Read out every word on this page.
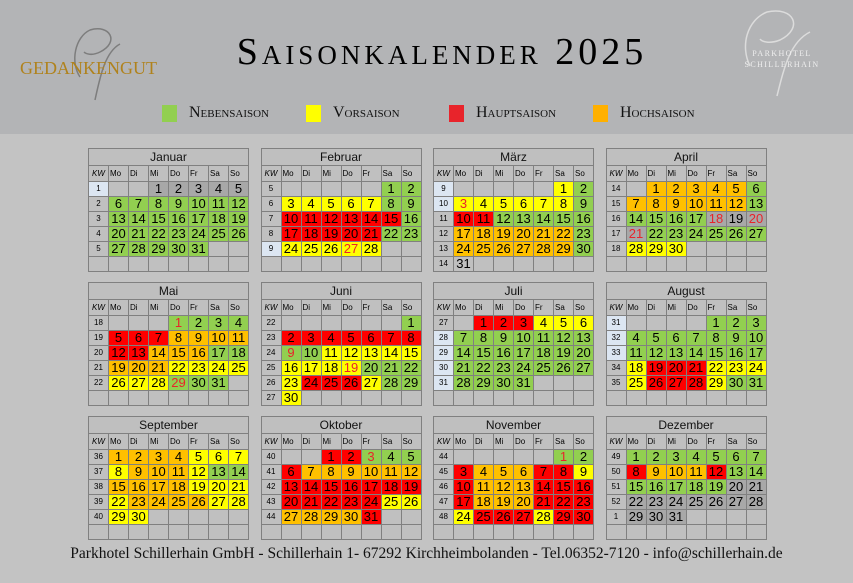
GEDANKENGUT	Saisonkalender 2025	PARKHOTEL
SCHILLERHAIN
Nebensaison	Vorsaison	Hauptsaison	Hochsaison
Januar
KW	Mo	Di	Mi	Do	Fr	Sa	So
1			1	2	3	4	5
2	6	7	8	9	10	11	12
3	13	14	15	16	17	18	19
4	20	21	22	23	24	25	26
5	27	28	29	30	31		

Februar
KW	Mo	Di	Mi	Do	Fr	Sa	So
5						1	2
6	3	4	5	6	7	8	9
7	10	11	12	13	14	15	16
8	17	18	19	20	21	22	23
9	24	25	26	27	28		

März
KW	Mo	Di	Mi	Do	Fr	Sa	So
9						1	2
10	3	4	5	6	7	8	9
11	10	11	12	13	14	15	16
12	17	18	19	20	21	22	23
13	24	25	26	27	28	29	30
14	31						
April
KW	Mo	Di	Mi	Do	Fr	Sa	So
14		1	2	3	4	5	6
15	7	8	9	10	11	12	13
16	14	15	16	17	18	19	20
17	21	22	23	24	25	26	27
18	28	29	30				

Mai
KW	Mo	Di	Mi	Do	Fr	Sa	So
18				1	2	3	4
19	5	6	7	8	9	10	11
20	12	13	14	15	16	17	18
21	19	20	21	22	23	24	25
22	26	27	28	29	30	31	

Juni
KW	Mo	Di	Mi	Do	Fr	Sa	So
22							1
23	2	3	4	5	6	7	8
24	9	10	11	12	13	14	15
25	16	17	18	19	20	21	22
26	23	24	25	26	27	28	29
27	30						
Juli
KW	Mo	Di	Mi	Do	Fr	Sa	So
27		1	2	3	4	5	6
28	7	8	9	10	11	12	13
29	14	15	16	17	18	19	20
30	21	22	23	24	25	26	27
31	28	29	30	31			

August
KW	Mo	Di	Mi	Do	Fr	Sa	So
31					1	2	3
32	4	5	6	7	8	9	10
33	11	12	13	14	15	16	17
34	18	19	20	21	22	23	24
35	25	26	27	28	29	30	31

September
KW	Mo	Di	Mi	Do	Fr	Sa	So
36	1	2	3	4	5	6	7
37	8	9	10	11	12	13	14
38	15	16	17	18	19	20	21
39	22	23	24	25	26	27	28
40	29	30					

Oktober
KW	Mo	Di	Mi	Do	Fr	Sa	So
40			1	2	3	4	5
41	6	7	8	9	10	11	12
42	13	14	15	16	17	18	19
43	20	21	22	23	24	25	26
44	27	28	29	30	31		

November
KW	Mo	Di	Mi	Do	Fr	Sa	So
44						1	2
45	3	4	5	6	7	8	9
46	10	11	12	13	14	15	16
47	17	18	19	20	21	22	23
48	24	25	26	27	28	29	30

Dezember
KW	Mo	Di	Mi	Do	Fr	Sa	So
49	1	2	3	4	5	6	7
50	8	9	10	11	12	13	14
51	15	16	17	18	19	20	21
52	22	23	24	25	26	27	28
1	29	30	31				

Parkhotel Schillerhain GmbH - Schillerhain 1- 67292 Kirchheimbolanden - Tel.06352-7120 - info@schillerhain.de
